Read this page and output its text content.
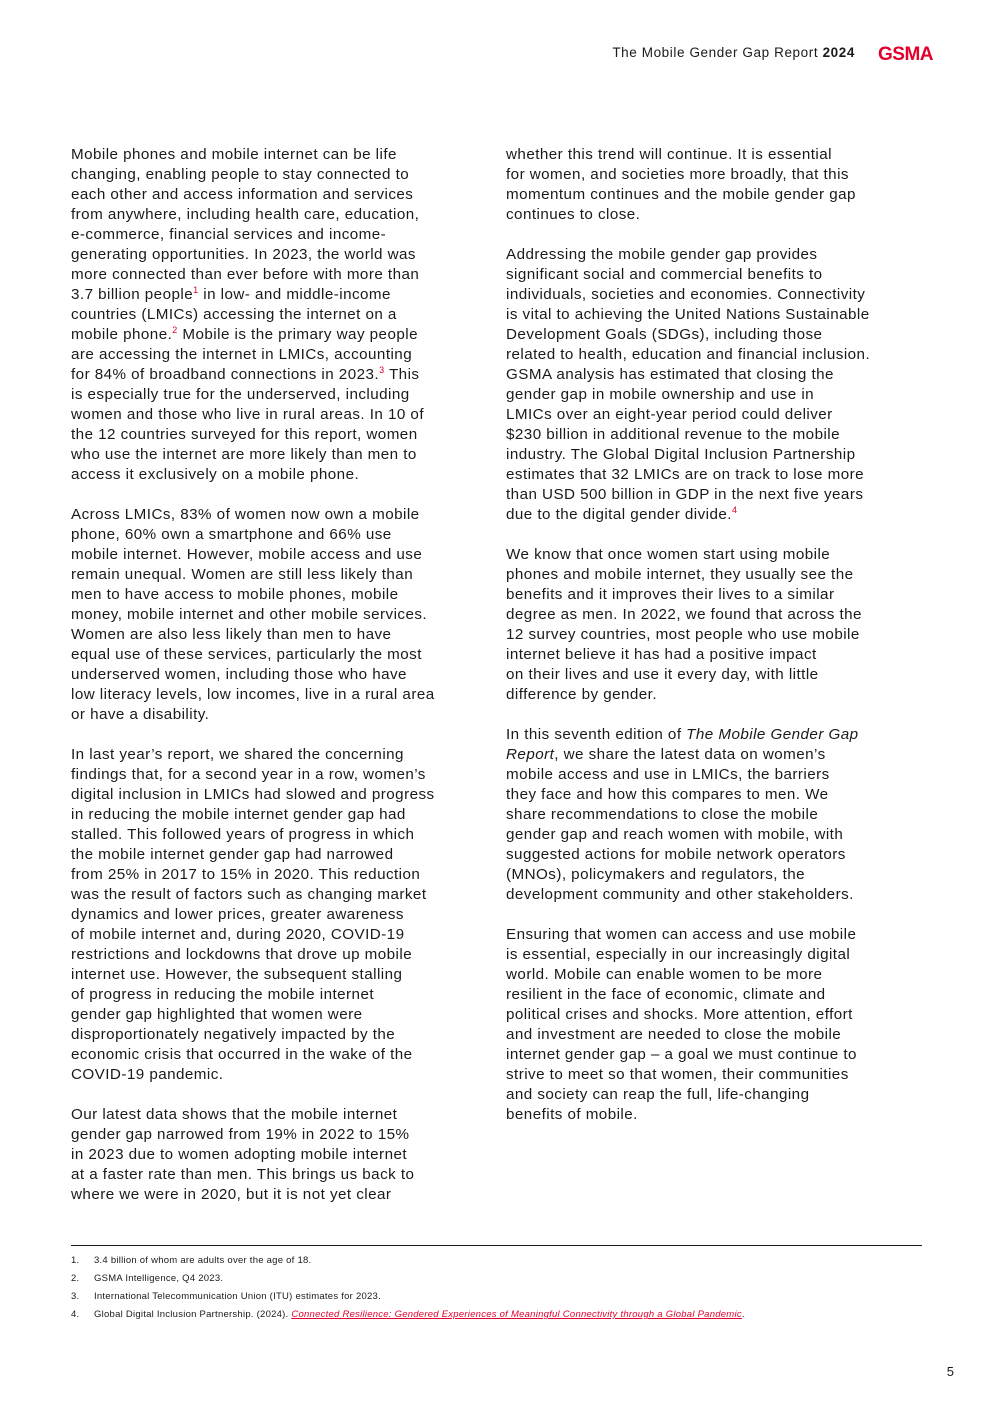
The Mobile Gender Gap Report 2024 GSMA

Mobile phones and mobile internet can be life
changing, enabling people to stay connected to
each other and access information and services
from anywhere, including health care, education,
e-commerce, financial services and income-
generating opportunities. In 2023, the world was
more connected than ever before with more than
3.7 billion people$^1$ in low- and middle-income
countries (LMICs) accessing the internet on a
mobile phone.$^2$ Mobile is the primary way people
are accessing the internet in LMICs, accounting
for 84% of broadband connections in 2023.$^3$ This
is especially true for the underserved, including
women and those who live in rural areas. In 10 of
the 12 countries surveyed for this report, women
who use the internet are more likely than men to
access it exclusively on a mobile phone.

Across LMICs, 83% of women now own a mobile
phone, 60% own a smartphone and 66% use
mobile internet. However, mobile access and use
remain unequal. Women are still less likely than
men to have access to mobile phones, mobile
money, mobile internet and other mobile services.
Women are also less likely than men to have
equal use of these services, particularly the most
underserved women, including those who have
low literacy levels, low incomes, live in a rural area
or have a disability.

In last year’s report, we shared the concerning
findings that, for a second year in a row, women’s
digital inclusion in LMICs had slowed and progress
in reducing the mobile internet gender gap had
stalled. This followed years of progress in which
the mobile internet gender gap had narrowed
from 25% in 2017 to 15% in 2020. This reduction
was the result of factors such as changing market
dynamics and lower prices, greater awareness
of mobile internet and, during 2020, COVID-19
restrictions and lockdowns that drove up mobile
internet use. However, the subsequent stalling
of progress in reducing the mobile internet
gender gap highlighted that women were
disproportionately negatively impacted by the
economic crisis that occurred in the wake of the
COVID-19 pandemic.

Our latest data shows that the mobile internet
gender gap narrowed from 19% in 2022 to 15%
in 2023 due to women adopting mobile internet
at a faster rate than men. This brings us back to
where we were in 2020, but it is not yet clear

whether this trend will continue. It is essential
for women, and societies more broadly, that this
momentum continues and the mobile gender gap
continues to close.

Addressing the mobile gender gap provides
significant social and commercial benefits to
individuals, societies and economies. Connectivity
is vital to achieving the United Nations Sustainable
Development Goals (SDGs), including those
related to health, education and financial inclusion.
GSMA analysis has estimated that closing the
gender gap in mobile ownership and use in
LMICs over an eight-year period could deliver
$230 billion in additional revenue to the mobile
industry. The Global Digital Inclusion Partnership
estimates that 32 LMICs are on track to lose more
than USD 500 billion in GDP in the next five years
due to the digital gender divide.$^4$

We know that once women start using mobile
phones and mobile internet, they usually see the
benefits and it improves their lives to a similar
degree as men. In 2022, we found that across the
12 survey countries, most people who use mobile
internet believe it has had a positive impact
on their lives and use it every day, with little
difference by gender.

In this seventh edition of The Mobile Gender Gap
Report, we share the latest data on women’s
mobile access and use in LMICs, the barriers
they face and how this compares to men. We
share recommendations to close the mobile
gender gap and reach women with mobile, with
suggested actions for mobile network operators
(MNOs), policymakers and regulators, the
development community and other stakeholders.

Ensuring that women can access and use mobile
is essential, especially in our increasingly digital
world. Mobile can enable women to be more
resilient in the face of economic, climate and
political crises and shocks. More attention, effort
and investment are needed to close the mobile
internet gender gap – a goal we must continue to
strive to meet so that women, their communities
and society can reap the full, life-changing
benefits of mobile.

1. 3.4 billion of whom are adults over the age of 18.
2. GSMA Intelligence, Q4 2023.
3. International Telecommunication Union (ITU) estimates for 2023.
4. Global Digital Inclusion Partnership. (2024). Connected Resilience: Gendered Experiences of Meaningful Connectivity through a Global Pandemic.
5
